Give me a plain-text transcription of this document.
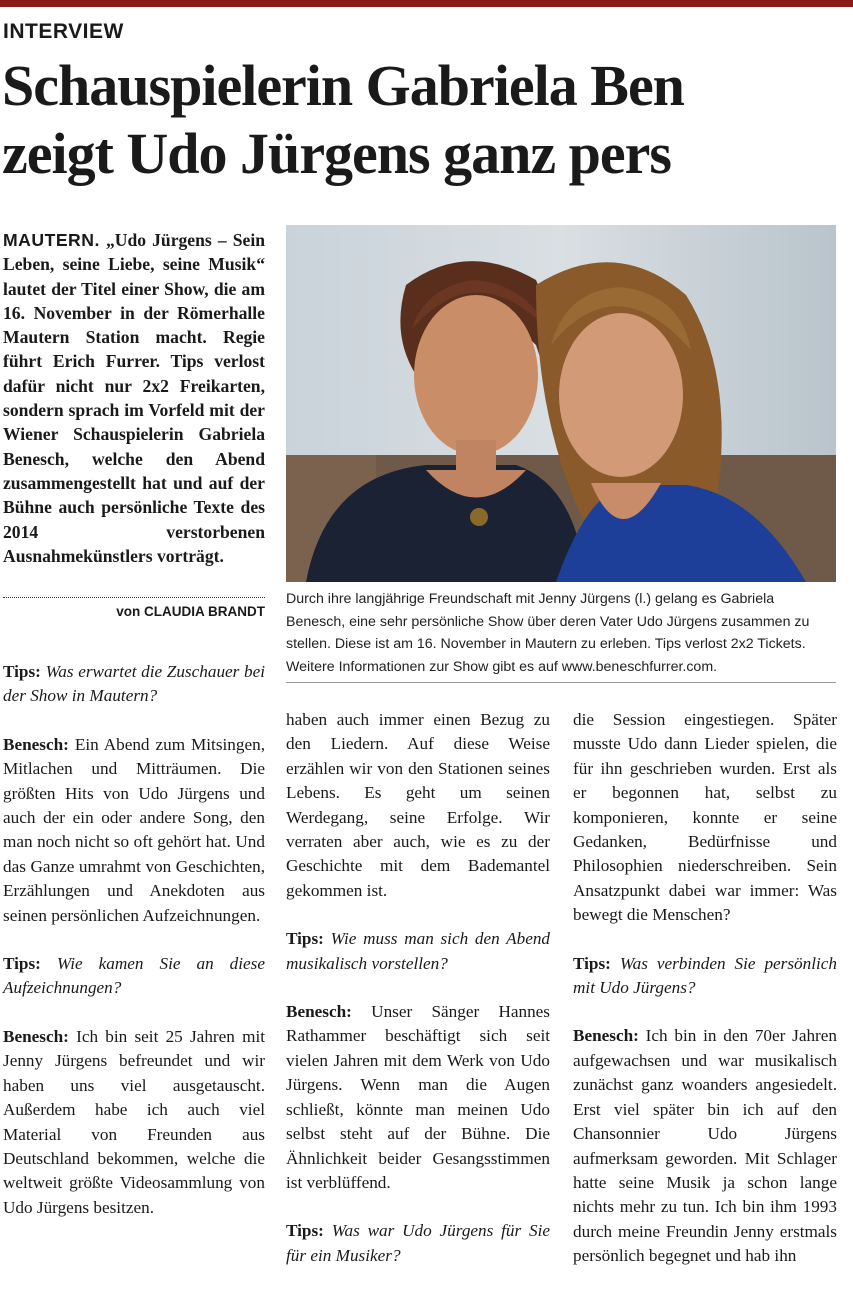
INTERVIEW
Schauspielerin Gabriela Ben
zeigt Udo Jürgens ganz pers
MAUTERN. „Udo Jürgens – Sein Leben, seine Liebe, seine Musik“ lautet der Titel einer Show, die am 16. November in der Römerhalle Mautern Station macht. Regie führt Erich Furrer. Tips verlost dafür nicht nur 2x2 Freikarten, sondern sprach im Vorfeld mit der Wiener Schauspielerin Gabriela Benesch, welche den Abend zusammengestellt hat und auf der Bühne auch persönliche Texte des 2014 verstorbenen Ausnahmekünstlers vorträgt.
von CLAUDIA BRANDT
Durch ihre langjährige Freundschaft mit Jenny Jürgens (l.) gelang es Gabriela Benesch, eine sehr persönliche Show über deren Vater Udo Jürgens zusammen zu stellen. Diese ist am 16. November in Mautern zu erleben. Tips verlost 2x2 Tickets. Weitere Informationen zur Show gibt es auf www.beneschfurrer.com.

Tips: Was erwartet die Zuschauer bei der Show in Mautern?

Benesch: Ein Abend zum Mitsingen, Mitlachen und Mitträumen. Die größten Hits von Udo Jürgens und auch der ein oder andere Song, den man noch nicht so oft gehört hat. Und das Ganze umrahmt von Geschichten, Erzählungen und Anekdoten aus seinen persönlichen Aufzeichnungen.

Tips: Wie kamen Sie an diese Aufzeichnungen?

Benesch: Ich bin seit 25 Jahren mit Jenny Jürgens befreundet und wir haben uns viel ausgetauscht. Außerdem habe ich auch viel Material von Freunden aus Deutschland bekommen, welche die weltweit größte Videosammlung von Udo Jürgens besitzen.

haben auch immer einen Bezug zu den Liedern. Auf diese Weise erzählen wir von den Stationen seines Lebens. Es geht um seinen Werdegang, seine Erfolge. Wir verraten aber auch, wie es zu der Geschichte mit dem Bademantel gekommen ist.

Tips: Wie muss man sich den Abend musikalisch vorstellen?

Benesch: Unser Sänger Hannes Rathammer beschäftigt sich seit vielen Jahren mit dem Werk von Udo Jürgens. Wenn man die Augen schließt, könnte man meinen Udo selbst steht auf der Bühne. Die Ähnlichkeit beider Gesangsstimmen ist verblüffend.

Tips: Was war Udo Jürgens für Sie für ein Musiker?

die Session eingestiegen. Später musste Udo dann Lieder spielen, die für ihn geschrieben wurden. Erst als er begonnen hat, selbst zu komponieren, konnte er seine Gedanken, Bedürfnisse und Philosophien niederschreiben. Sein Ansatzpunkt dabei war immer: Was bewegt die Menschen?

Tips: Was verbinden Sie persönlich mit Udo Jürgens?

Benesch: Ich bin in den 70er Jahren aufgewachsen und war musikalisch zunächst ganz woanders angesiedelt. Erst viel später bin ich auf den Chansonnier Udo Jürgens aufmerksam geworden. Mit Schlager hatte seine Musik ja schon lange nichts mehr zu tun. Ich bin ihm 1993 durch meine Freundin Jenny erstmals persönlich begegnet und hab ihn
